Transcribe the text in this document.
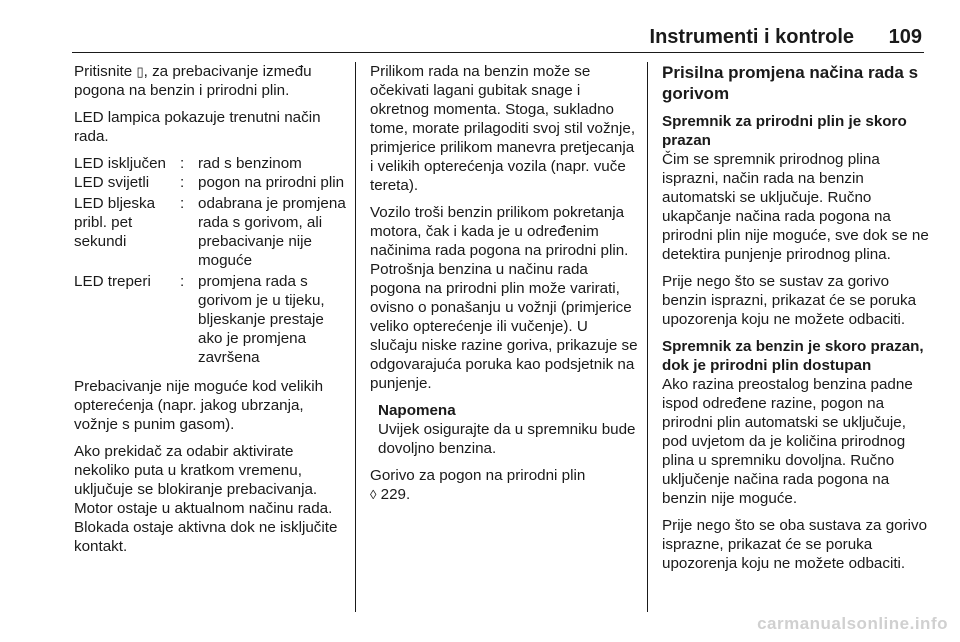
Instrumenti i kontrole 109

Pritisnite ▯, za prebacivanje između pogona na benzin i prirodni plin.

LED lampica pokazuje trenutni način rada.

LED isključen	:	rad s benzinom
LED svijetli	:	pogon na prirodni plin
LED bljeska pribl. pet sekundi	:	odabrana je promjena rada s gorivom, ali prebacivanje nije moguće
LED treperi	:	promjena rada s gorivom je u tijeku, bljeskanje prestaje ako je promjena završena

Prebacivanje nije moguće kod velikih opterećenja (napr. jakog ubrzanja, vožnje s punim gasom).

Ako prekidač za odabir aktivirate nekoliko puta u kratkom vremenu, uključuje se blokiranje prebacivanja. Motor ostaje u aktualnom načinu rada. Blokada ostaje aktivna dok ne isključite kontakt.

Prilikom rada na benzin može se očekivati lagani gubitak snage i okretnog momenta. Stoga, sukladno tome, morate prilagoditi svoj stil vožnje, primjerice prilikom manevra pretjecanja i velikih opterećenja vozila (napr. vuče tereta).

Vozilo troši benzin prilikom pokretanja motora, čak i kada je u određenim načinima rada pogona na prirodni plin. Potrošnja benzina u načinu rada pogona na prirodni plin može varirati, ovisno o ponašanju u vožnji (primjerice veliko opterećenje ili vučenje). U slučaju niske razine goriva, prikazuje se odgovarajuća poruka kao podsjetnik na punjenje.

Napomena
Uvijek osigurajte da u spremniku bude dovoljno benzina.

Gorivo za pogon na prirodni plin
◊ 229.

Prisilna promjena načina rada s gorivom
Spremnik za prirodni plin je skoro prazan

Čim se spremnik prirodnog plina isprazni, način rada na benzin automatski se uključuje. Ručno ukapčanje načina rada pogona na prirodni plin nije moguće, sve dok se ne detektira punjenje prirodnog plina.

Prije nego što se sustav za gorivo benzin isprazni, prikazat će se poruka upozorenja koju ne možete odbaciti.

Spremnik za benzin je skoro prazan, dok je prirodni plin dostupan

Ako razina preostalog benzina padne ispod određene razine, pogon na prirodni plin automatski se uključuje, pod uvjetom da je količina prirodnog plina u spremniku dovoljna. Ručno uključenje načina rada pogona na benzin nije moguće.

Prije nego što se oba sustava za gorivo isprazne, prikazat će se poruka upozorenja koju ne možete odbaciti.

carmanualsonline.info
